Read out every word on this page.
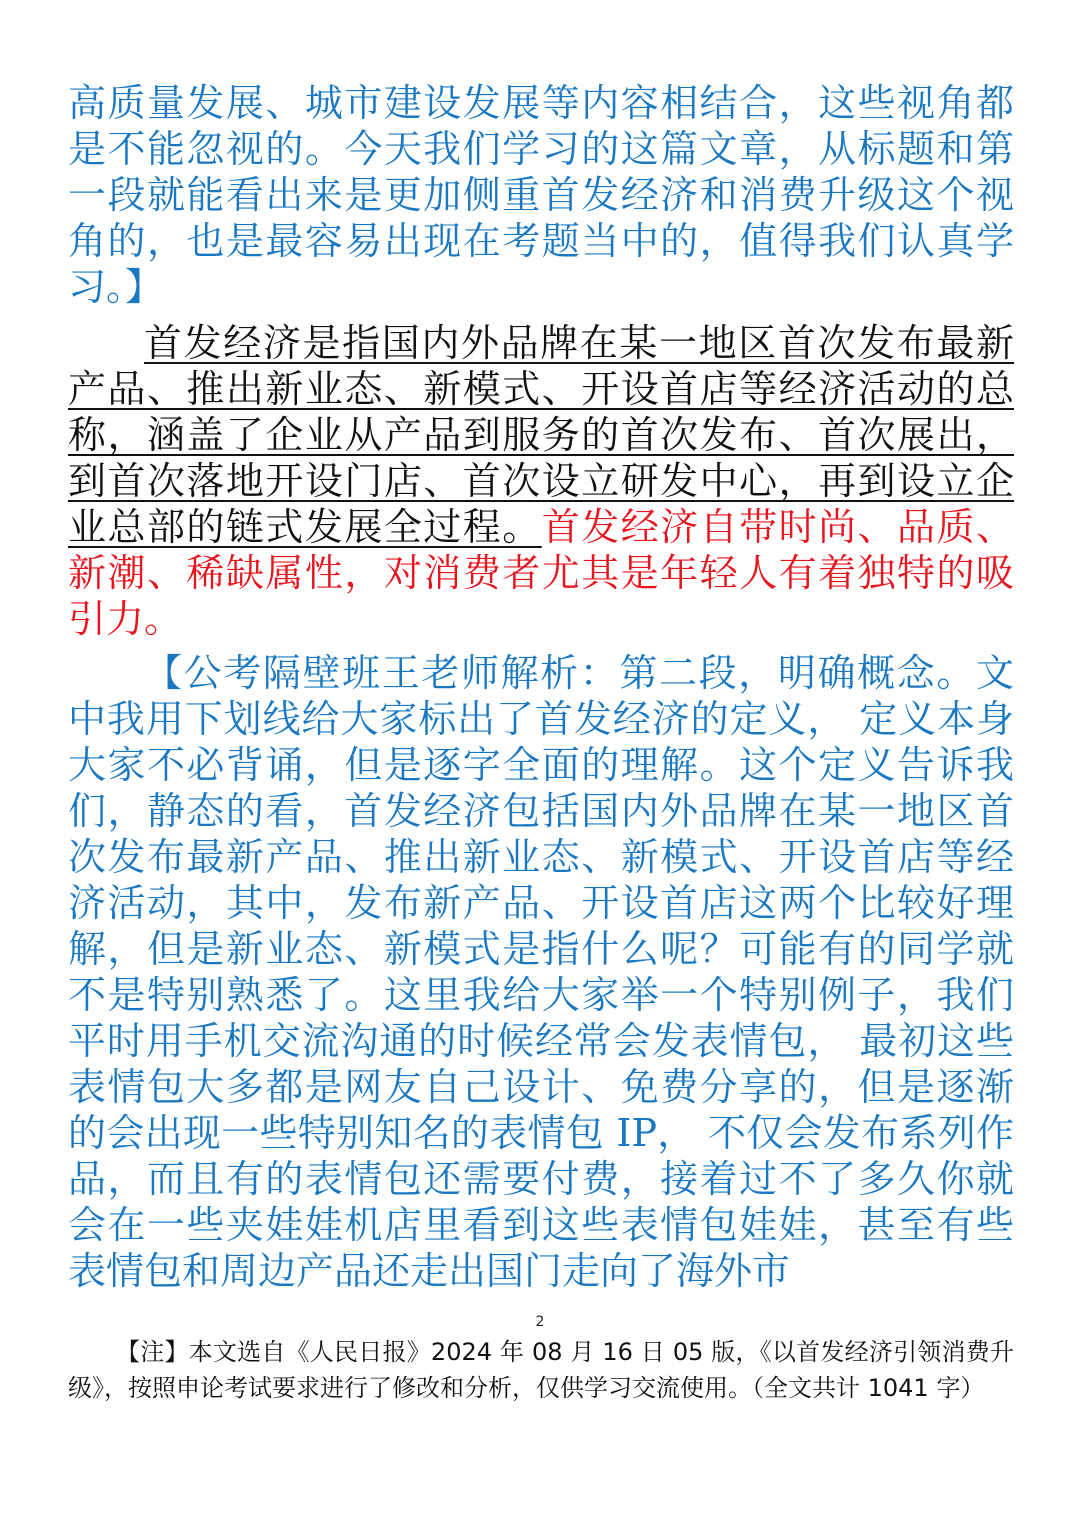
高质量发展、城市建设发展等内容相结合，这些视角都是不能忽视的。今天我们学习的这篇文章，从标题和第一段就能看出来是更加侧重首发经济和消费升级这个视角的，也是最容易出现在考题当中的，值得我们认真学习。】

首发经济是指国内外品牌在某一地区首次发布最新产品、推出新业态、新模式、开设首店等经济活动的总称，涵盖了企业从产品到服务的首次发布、首次展出，到首次落地开设门店、首次设立研发中心，再到设立企业总部的链式发展全过程。首发经济自带时尚、品质、新潮、稀缺属性，对消费者尤其是年轻人有着独特的吸引力。

【公考隔壁班王老师解析：第二段，明确概念。文中我用下划线给大家标出了首发经济的定义， 定义本身大家不必背诵，但是逐字全面的理解。这个定义告诉我们，静态的看，首发经济包括国内外品牌在某一地区首次发布最新产品、推出新业态、新模式、开设首店等经济活动，其中，发布新产品、开设首店这两个比较好理解，但是新业态、新模式是指什么呢？可能有的同学就不是特别熟悉了。这里我给大家举一个特别例子，我们平时用手机交流沟通的时候经常会发表情包， 最初这些表情包大多都是网友自己设计、免费分享的，但是逐渐的会出现一些特别知名的表情包 IP， 不仅会发布系列作品，而且有的表情包还需要付费，接着过不了多久你就会在一些夹娃娃机店里看到这些表情包娃娃，甚至有些表情包和周边产品还走出国门走向了海外市

2

【注】本文选自《人民日报》2024 年 08 月 16 日 05 版，《以首发经济引领消费升级》，按照申论考试要求进行了修改和分析，仅供学习交流使用。（全文共计 1041 字）
